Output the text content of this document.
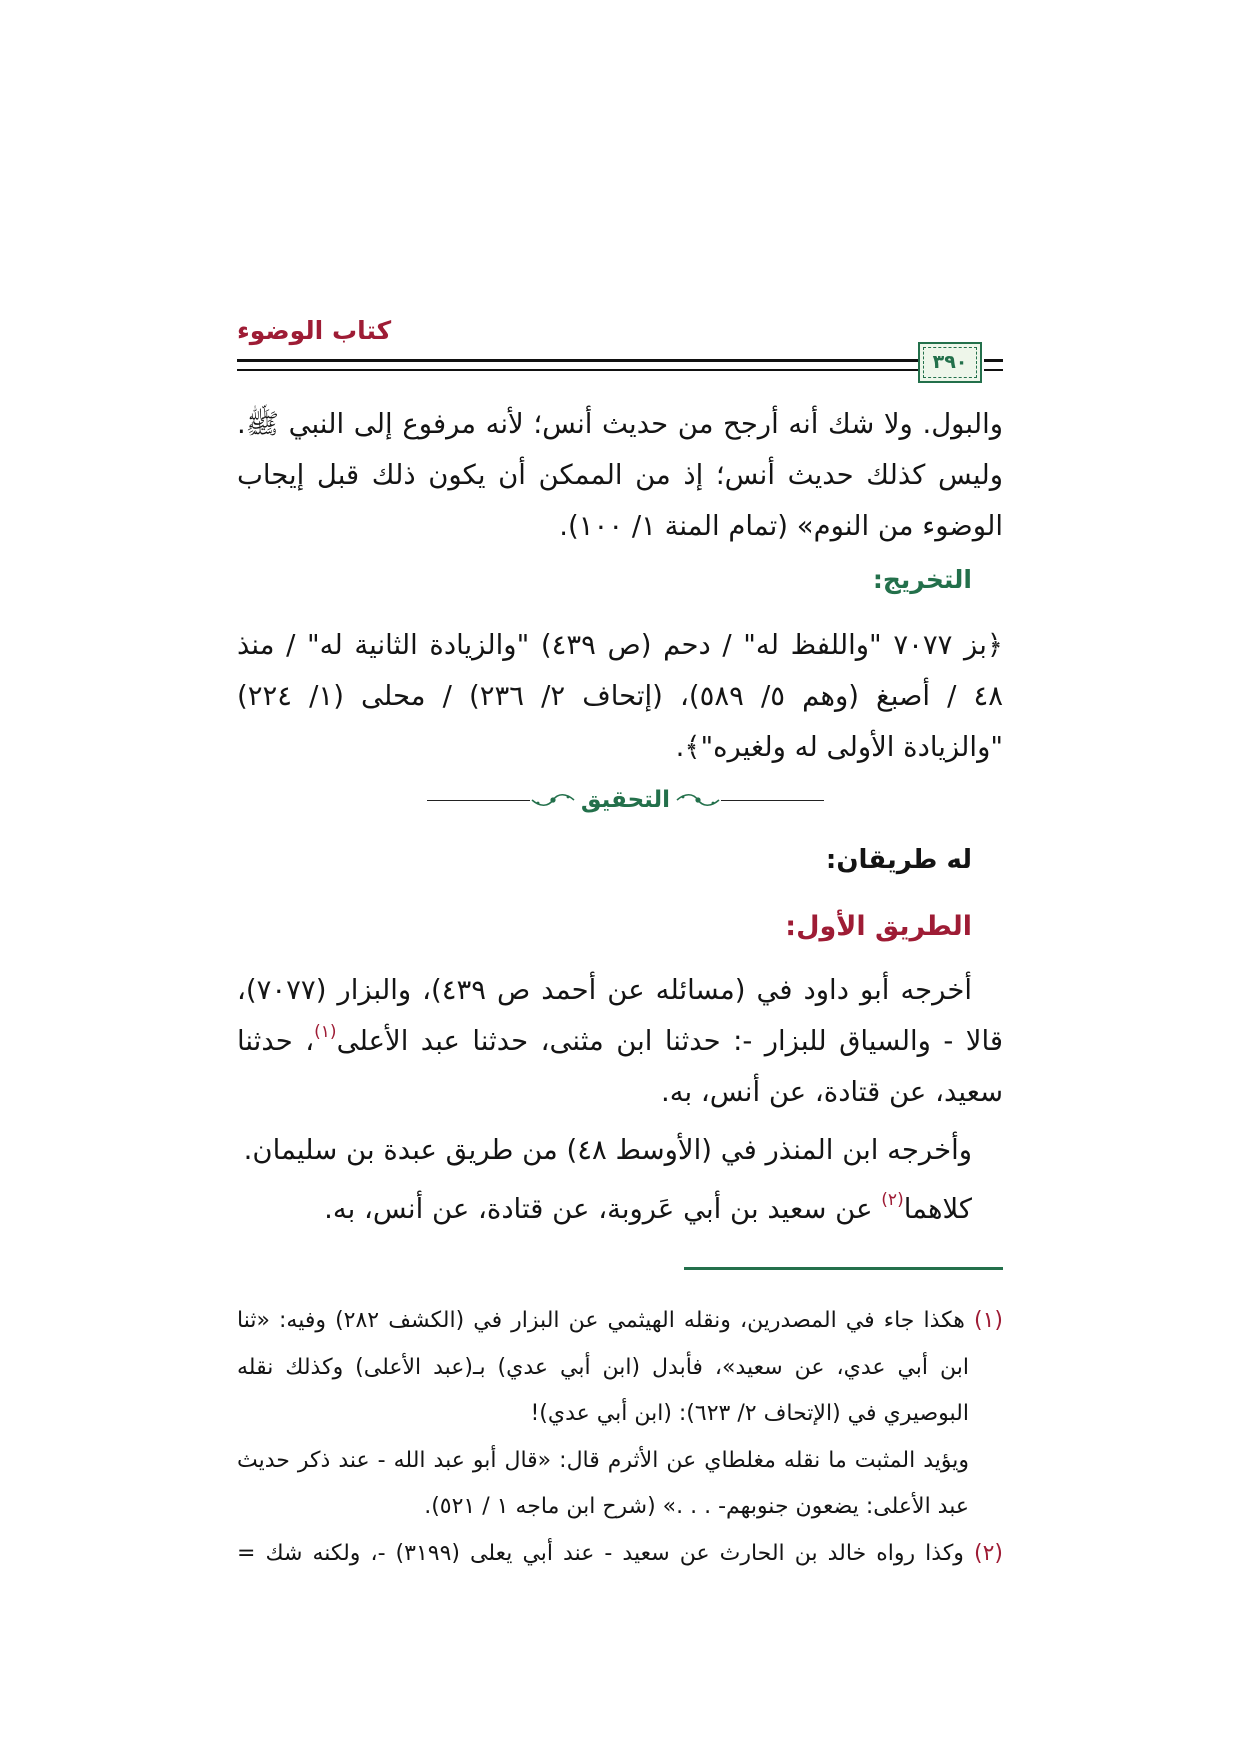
كتاب الوضوء
٣٩٠
والبول. ولا شك أنه أرجح من حديث أنس؛ لأنه مرفوع إلى النبي ﷺ.
وليس كذلك حديث أنس؛ إذ من الممكن أن يكون ذلك قبل إيجاب
الوضوء من النوم» (تمام المنة ١/ ١٠٠).
التخريج:
﴿بز ٧٠٧٧ "واللفظ له" / دحم (ص ٤٣٩) "والزيادة الثانية له" / منذ
٤٨ / أصبغ (وهم ٥/ ٥٨٩)، (إتحاف ٢/ ٢٣٦) / محلى (١/ ٢٢٤)
"والزيادة الأولى له ولغيره"﴾.
التحقيق
له طريقان:
الطريق الأول:
أخرجه أبو داود في (مسائله عن أحمد ص ٤٣٩)، والبزار (٧٠٧٧)،
قالا - والسياق للبزار -: حدثنا ابن مثنى، حدثنا عبد الأعلى$^{(١)}$، حدثنا
سعيد، عن قتادة، عن أنس، به.
وأخرجه ابن المنذر في (الأوسط ٤٨) من طريق عبدة بن سليمان.
كلاهما$^{(٢)}$ عن سعيد بن أبي عَروبة، عن قتادة، عن أنس، به.
(١) هكذا جاء في المصدرين، ونقله الهيثمي عن البزار في (الكشف ٢٨٢) وفيه: «ثنا
ابن أبي عدي، عن سعيد»، فأبدل (ابن أبي عدي) بـ(عبد الأعلى) وكذلك نقله
البوصيري في (الإتحاف ٢/ ٦٢٣): (ابن أبي عدي)!
ويؤيد المثبت ما نقله مغلطاي عن الأثرم قال: «قال أبو عبد الله - عند ذكر حديث
عبد الأعلى: يضعون جنوبهم- . . .» (شرح ابن ماجه ١ / ٥٢١).
(٢) وكذا رواه خالد بن الحارث عن سعيد - عند أبي يعلى (٣١٩٩) -، ولكنه شك =
